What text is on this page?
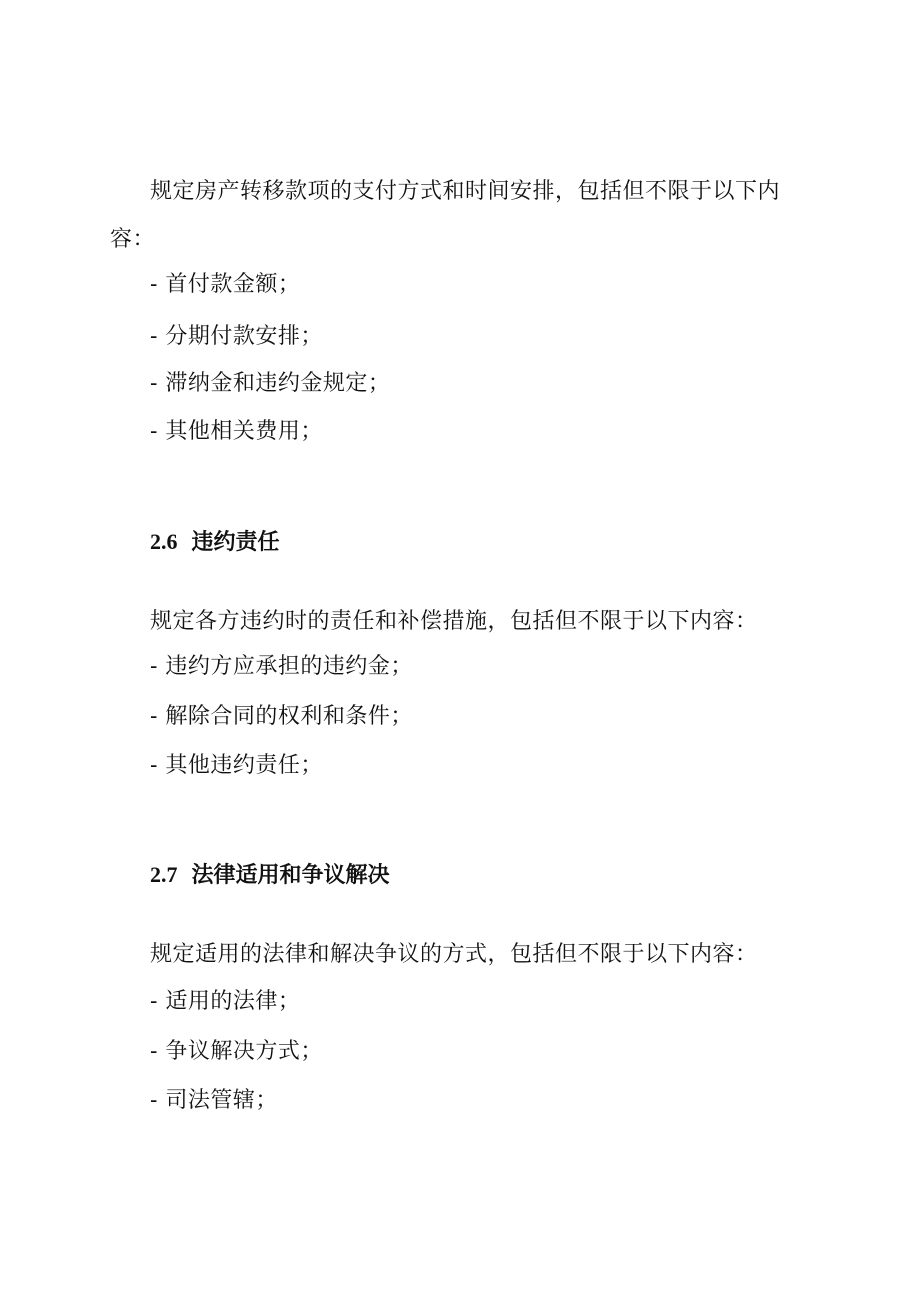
规定房产转移款项的支付方式和时间安排，包括但不限于以下内容：

- 首付款金额；

- 分期付款安排；

- 滞纳金和违约金规定；

- 其他相关费用；

2.6 违约责任

规定各方违约时的责任和补偿措施，包括但不限于以下内容：

- 违约方应承担的违约金；

- 解除合同的权利和条件；

- 其他违约责任；

2.7 法律适用和争议解决

规定适用的法律和解决争议的方式，包括但不限于以下内容：

- 适用的法律；

- 争议解决方式；

- 司法管辖；
